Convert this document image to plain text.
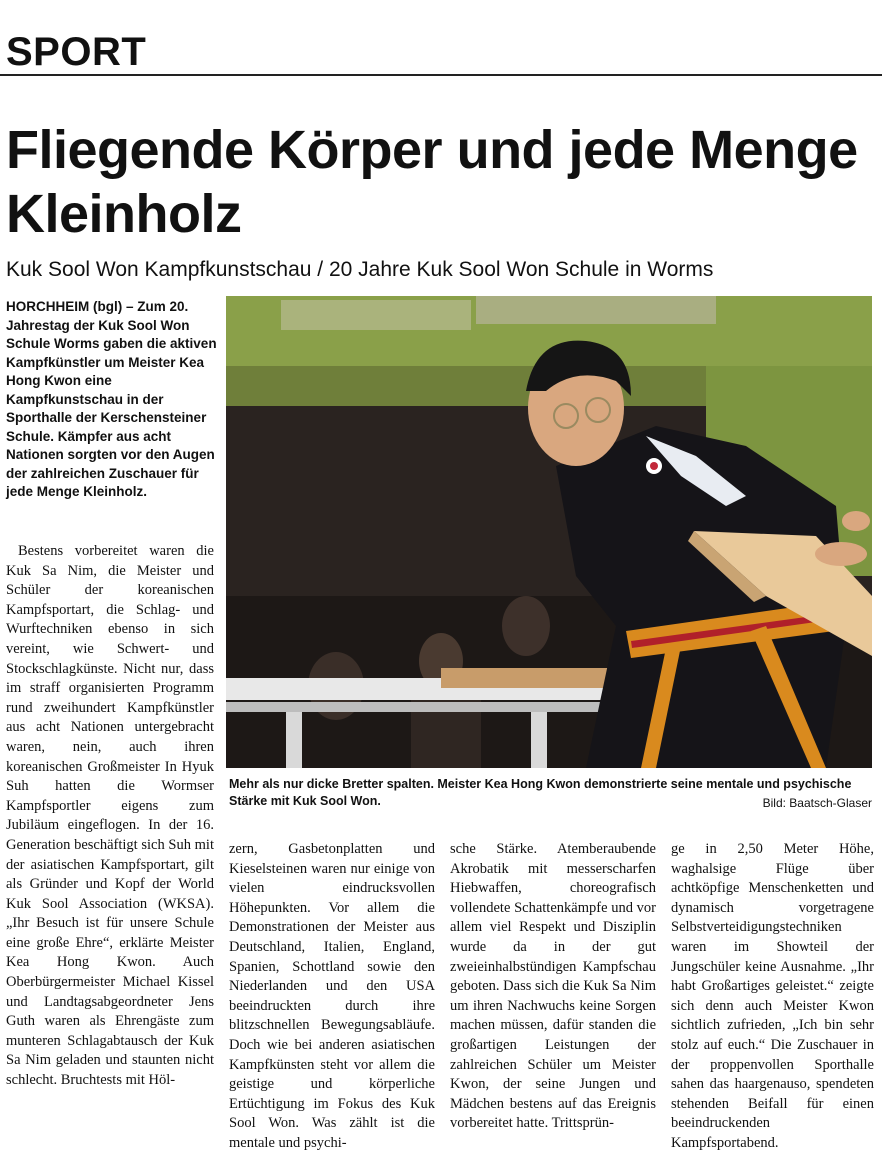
SPORT
Fliegende Körper und jede Menge Kleinholz
Kuk Sool Won Kampfkunstschau / 20 Jahre Kuk Sool Won Schule in Worms
HORCHHEIM (bgl) – Zum 20. Jahrestag der Kuk Sool Won Schule Worms gaben die aktiven Kampfkünstler um Meister Kea Hong Kwon eine Kampfkunstschau in der Sporthalle der Kerschensteiner Schule. Kämpfer aus acht Nationen sorgten vor den Augen der zahlreichen Zuschauer für jede Menge Kleinholz.

Bestens vorbereitet waren die Kuk Sa Nim, die Meister und Schüler der koreanischen Kampfsportart, die Schlag- und Wurftechniken ebenso in sich vereint, wie Schwert- und Stockschlagkünste. Nicht nur, dass im straff organisierten Programm rund zweihundert Kampfkünstler aus acht Nationen untergebracht waren, nein, auch ihren koreanischen Großmeister In Hyuk Suh hatten die Wormser Kampfsportler eigens zum Jubiläum eingeflogen. In der 16. Generation beschäftigt sich Suh mit der asiatischen Kampfsportart, gilt als Gründer und Kopf der World Kuk Sool Association (WKSA). „Ihr Besuch ist für unsere Schule eine große Ehre“, erklärte Meister Kea Hong Kwon. Auch Oberbürgermeister Michael Kissel und Landtagsabgeordneter Jens Guth waren als Ehrengäste zum munteren Schlagabtausch der Kuk Sa Nim geladen und staunten nicht schlecht. Bruchtests mit Höl-

zern, Gasbetonplatten und Kieselsteinen waren nur einige von vielen eindrucksvollen Höhepunkten. Vor allem die Demonstrationen der Meister aus Deutschland, Italien, England, Spanien, Schottland sowie den Niederlanden und den USA beeindruckten durch ihre blitzschnellen Bewegungsabläufe. Doch wie bei anderen asiatischen Kampfkünsten steht vor allem die geistige und körperliche Ertüchtigung im Fokus des Kuk Sool Won. Was zählt ist die mentale und psychi-

sche Stärke. Atemberaubende Akrobatik mit messerscharfen Hiebwaffen, choreografisch vollendete Schattenkämpfe und vor allem viel Respekt und Disziplin wurde da in der gut zweieinhalbstündigen Kampfschau geboten. Dass sich die Kuk Sa Nim um ihren Nachwuchs keine Sorgen machen müssen, dafür standen die großartigen Leistungen der zahlreichen Schüler um Meister Kwon, der seine Jungen und Mädchen bestens auf das Ereignis vorbereitet hatte. Trittsprün-

ge in 2,50 Meter Höhe, waghalsige Flüge über achtköpfige Menschenketten und dynamisch vorgetragene Selbstverteidigungstechniken waren im Showteil der Jungschüler keine Ausnahme. „Ihr habt Großartiges geleistet.“ zeigte sich denn auch Meister Kwon sichtlich zufrieden, „Ich bin sehr stolz auf euch.“ Die Zuschauer in der proppenvollen Sporthalle sahen das haargenauso, spendeten stehenden Beifall für einen beeindruckenden Kampfsportabend.

Mehr als nur dicke Bretter spalten. Meister Kea Hong Kwon demonstrierte seine mentale und psychische Stärke mit Kuk Sool Won.	Bild: Baatsch-Glaser
